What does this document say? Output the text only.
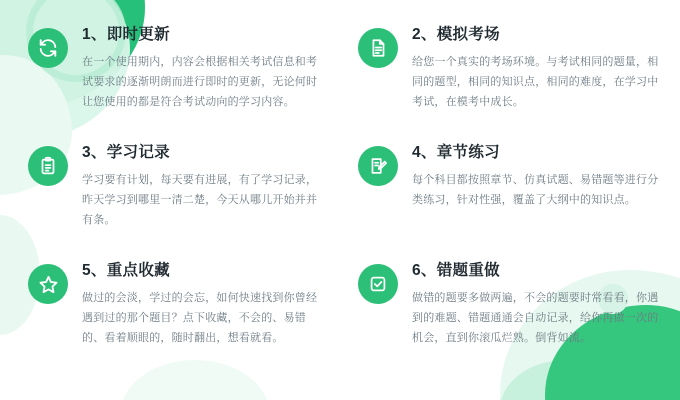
1、即时更新
在一个使用期内，内容会根据相关考试信息和考试要求的逐渐明朗而进行即时的更新，无论何时让您使用的都是符合考试动向的学习内容。
2、模拟考场
给您一个真实的考场环境。与考试相同的题量，相同的题型，相同的知识点，相同的难度，在学习中考试，在模考中成长。
3、学习记录
学习要有计划，每天要有进展，有了学习记录，昨天学习到哪里一清二楚，今天从哪儿开始并并有条。
4、章节练习
每个科目都按照章节、仿真试题、易错题等进行分类练习，针对性强，覆盖了大纲中的知识点。
5、重点收藏
做过的会淡，学过的会忘，如何快速找到你曾经遇到过的那个题目？点下收藏，不会的、易错的、看着顺眼的，随时翻出，想看就看。
6、错题重做
做错的题要多做两遍，不会的题要时常看看，你遇到的难题、错题通通会自动记录，给你再做一次的机会，直到你滚瓜烂熟。倒背如流。
